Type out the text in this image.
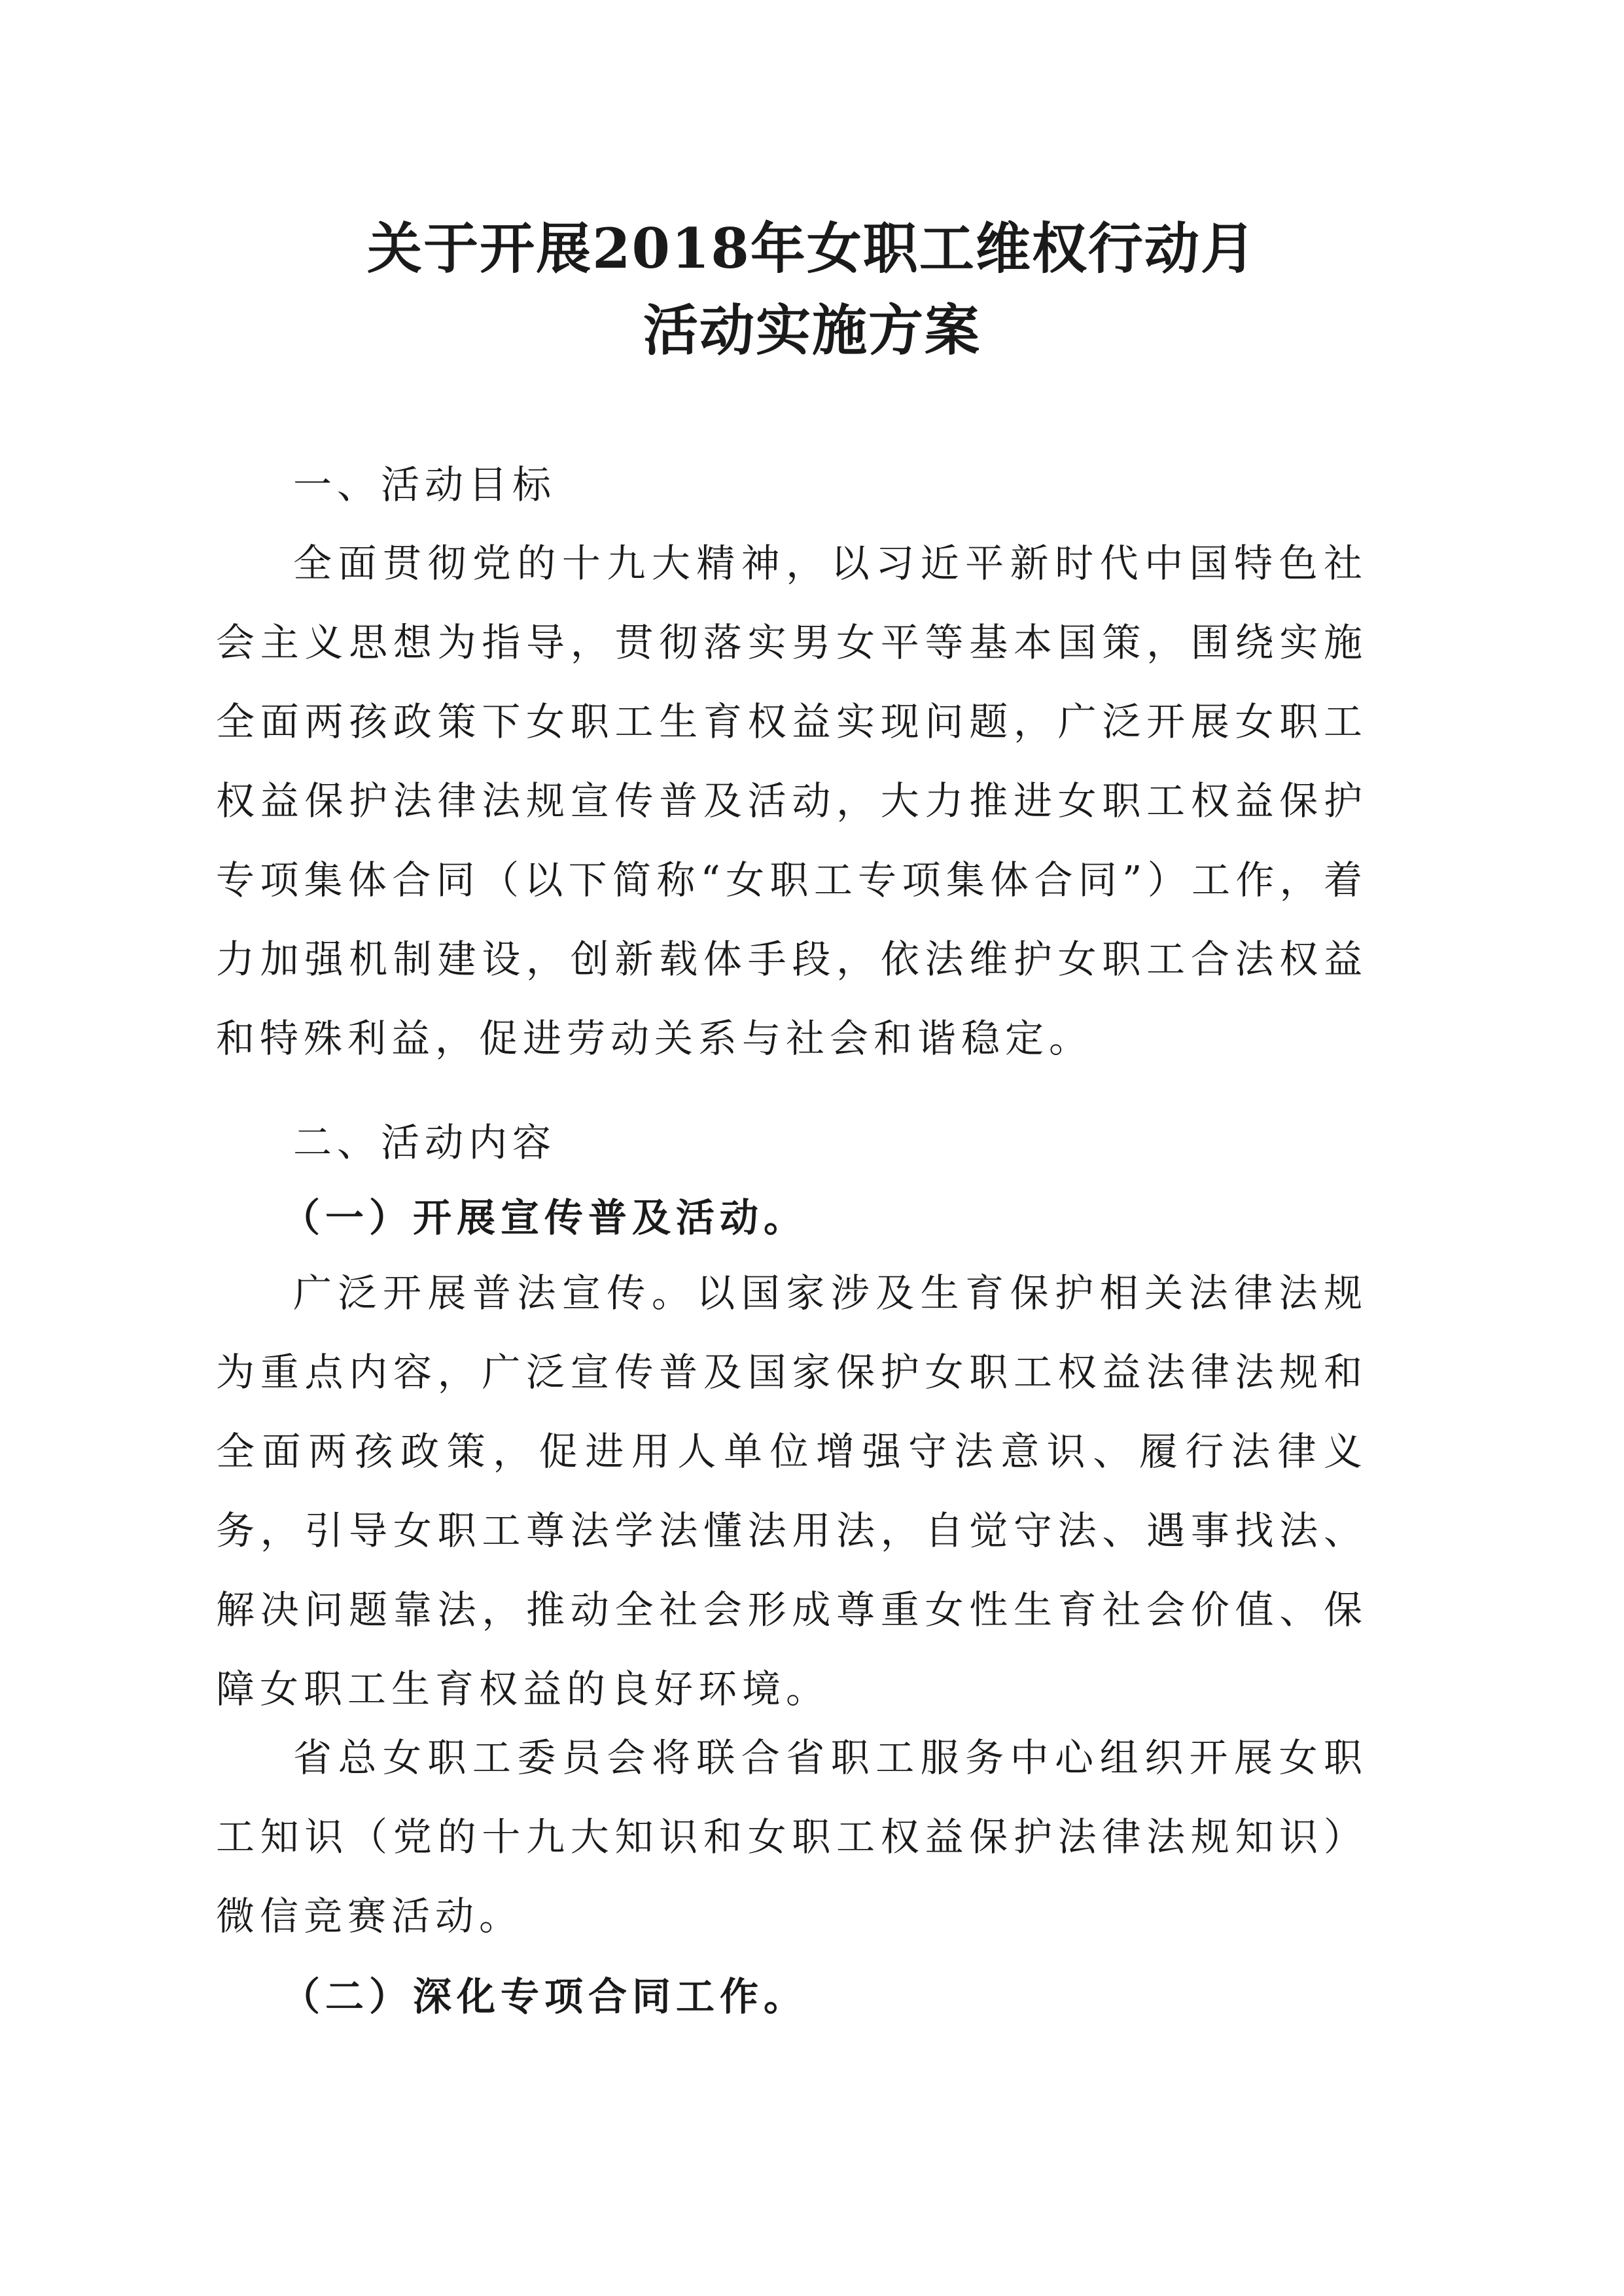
关于开展2018年女职工维权行动月
活动实施方案

一、活动目标

全面贯彻党的十九大精神，以习近平新时代中国特色社会主义思想为指导，贯彻落实男女平等基本国策，围绕实施全面两孩政策下女职工生育权益实现问题，广泛开展女职工权益保护法律法规宣传普及活动，大力推进女职工权益保护专项集体合同（以下简称“女职工专项集体合同”）工作，着力加强机制建设，创新载体手段，依法维护女职工合法权益和特殊利益，促进劳动关系与社会和谐稳定。

二、活动内容

（一）开展宣传普及活动。

广泛开展普法宣传。以国家涉及生育保护相关法律法规为重点内容，广泛宣传普及国家保护女职工权益法律法规和全面两孩政策，促进用人单位增强守法意识、履行法律义务，引导女职工尊法学法懂法用法，自觉守法、遇事找法、解决问题靠法，推动全社会形成尊重女性生育社会价值、保障女职工生育权益的良好环境。

省总女职工委员会将联合省职工服务中心组织开展女职工知识（党的十九大知识和女职工权益保护法律法规知识）微信竞赛活动。

（二）深化专项合同工作。
